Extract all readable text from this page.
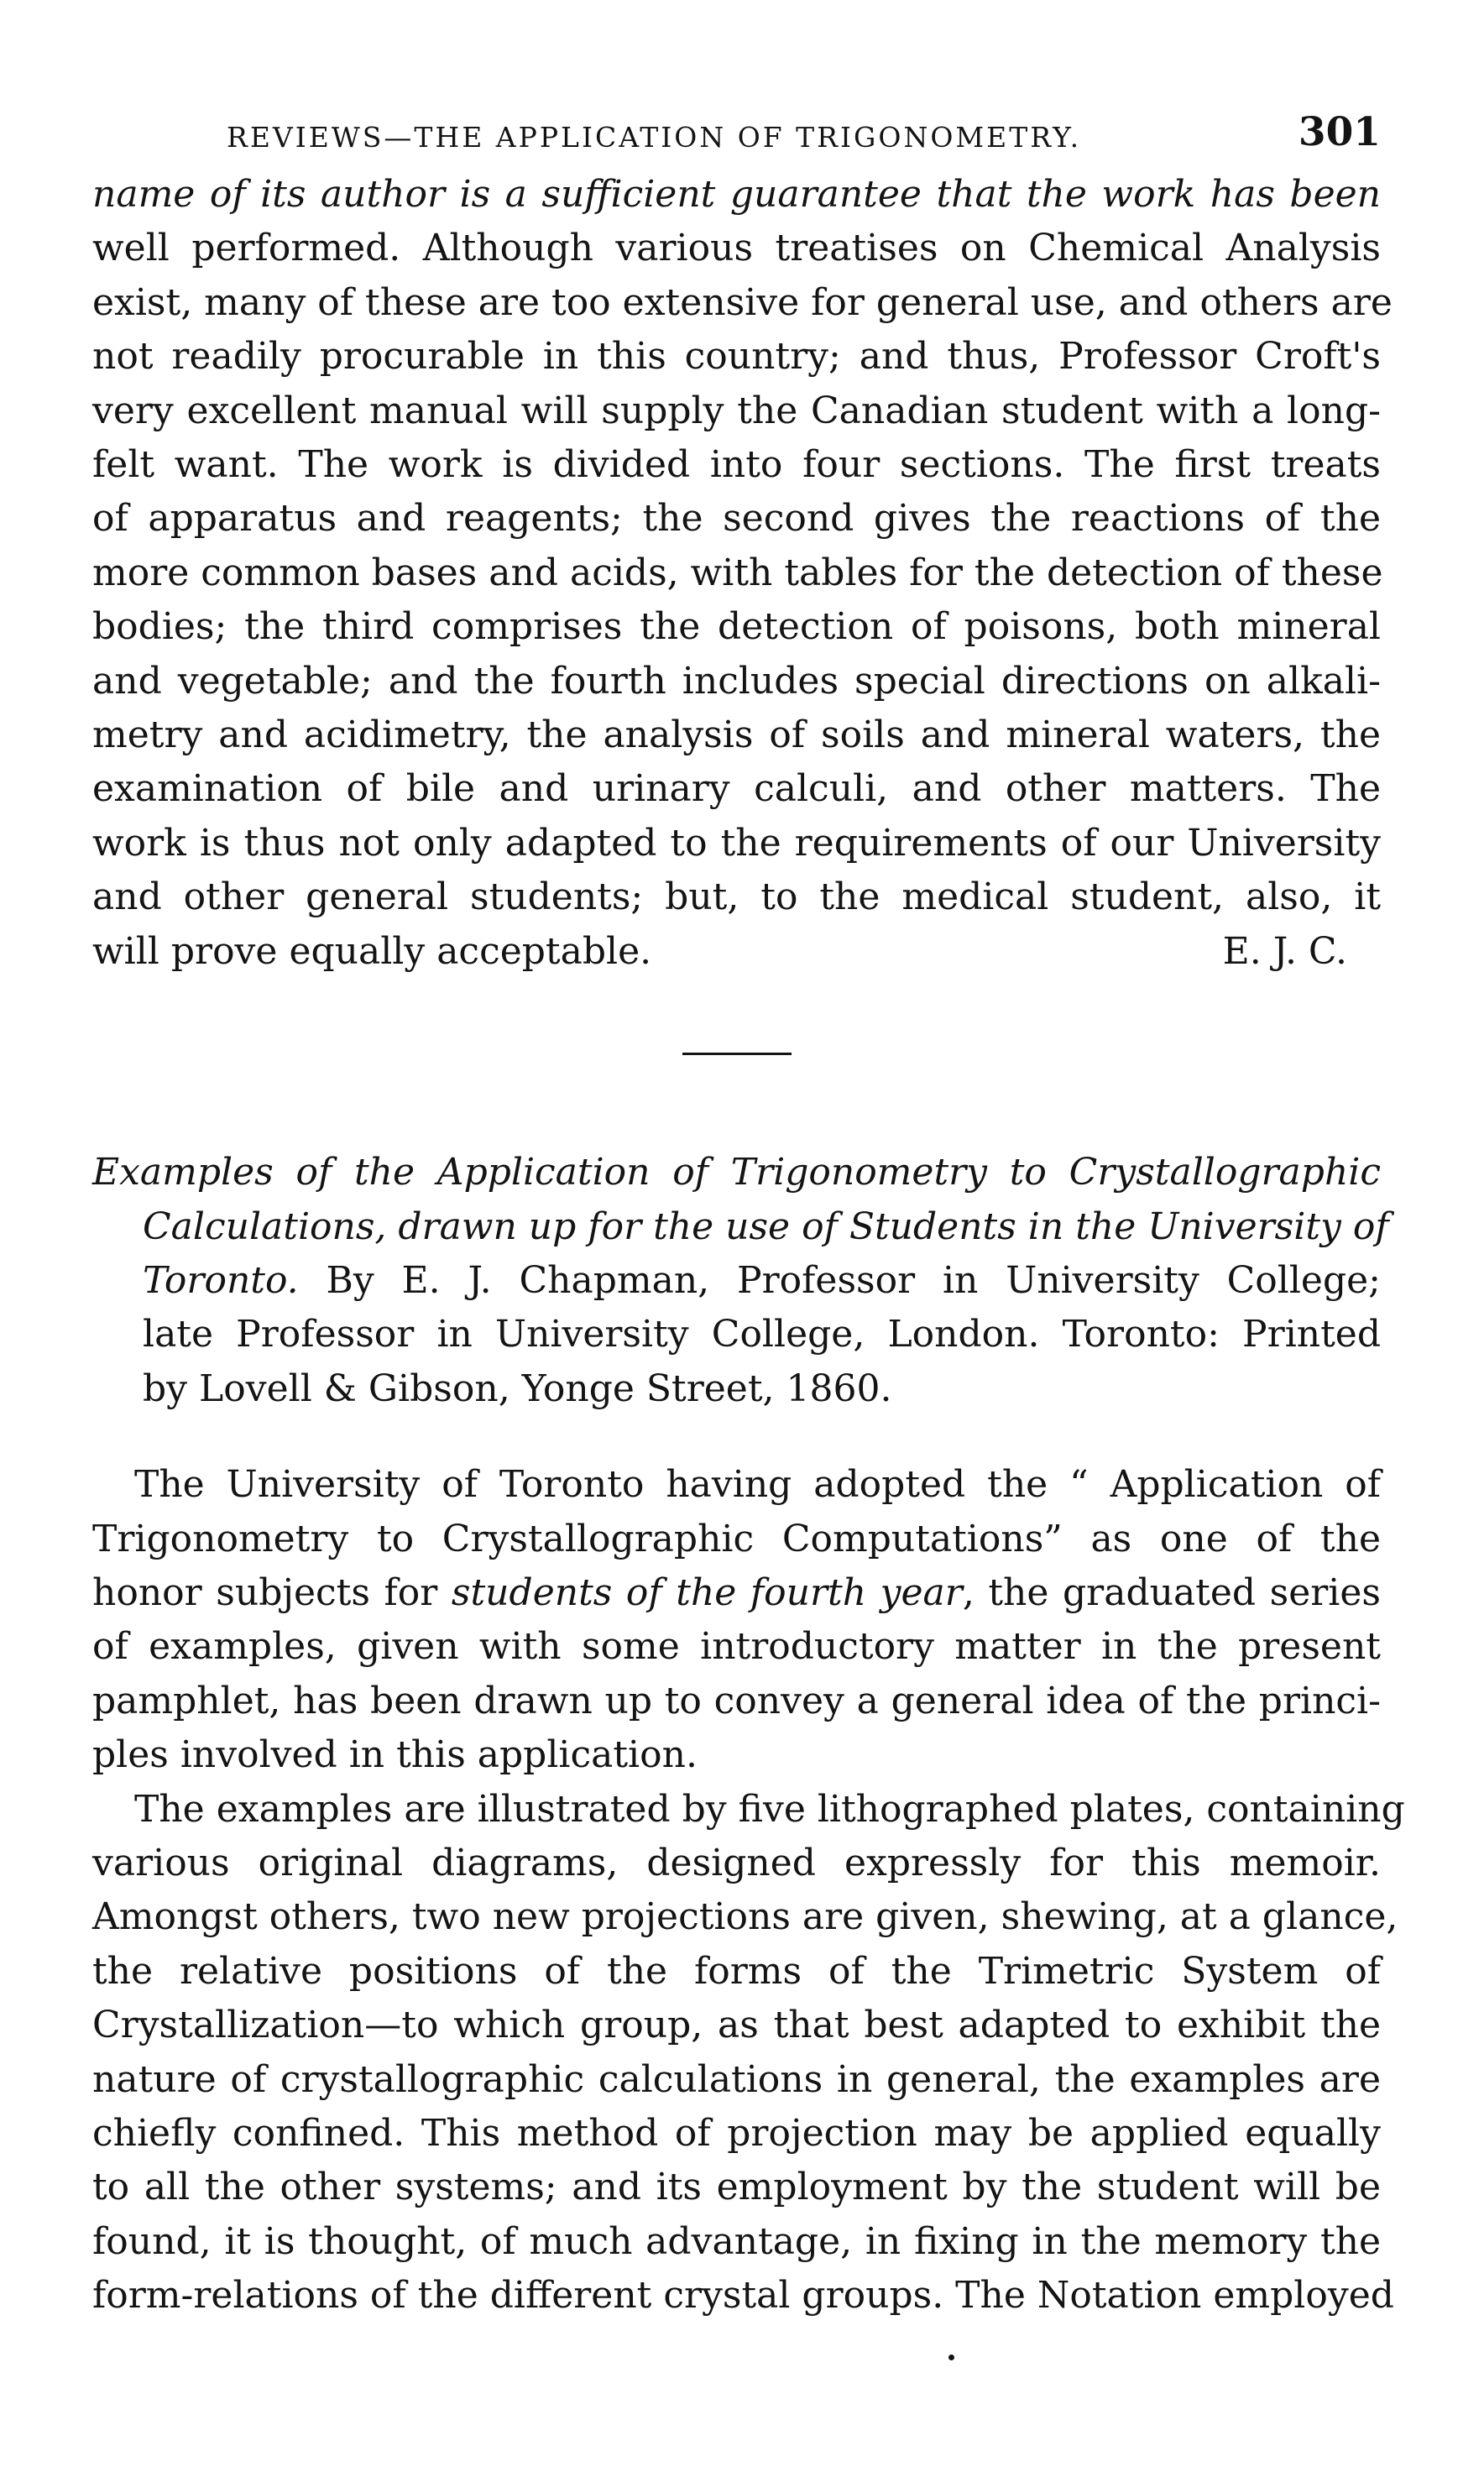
REVIEWS—THE APPLICATION OF TRIGONOMETRY.	301
name of its author is a sufficient guarantee that the work has been
well performed. Although various treatises on Chemical Analysis
exist, many of these are too extensive for general use, and others are
not readily procurable in this country; and thus, Professor Croft's
very excellent manual will supply the Canadian student with a long-
felt want. The work is divided into four sections. The first treats
of apparatus and reagents; the second gives the reactions of the
more common bases and acids, with tables for the detection of these
bodies; the third comprises the detection of poisons, both mineral
and vegetable; and the fourth includes special directions on alkali-
metry and acidimetry, the analysis of soils and mineral waters, the
examination of bile and urinary calculi, and other matters. The
work is thus not only adapted to the requirements of our University
and other general students; but, to the medical student, also, it
will prove equally acceptable.	E. J. C.
Examples of the Application of Trigonometry to Crystallographic
Calculations, drawn up for the use of Students in the University of
Toronto. By E. J. Chapman, Professor in University College;
late Professor in University College, London. Toronto: Printed
by Lovell & Gibson, Yonge Street, 1860.
The University of Toronto having adopted the “ Application of
Trigonometry to Crystallographic Computations” as one of the
honor subjects for students of the fourth year, the graduated series
of examples, given with some introductory matter in the present
pamphlet, has been drawn up to convey a general idea of the princi-
ples involved in this application.
The examples are illustrated by five lithographed plates, containing
various original diagrams, designed expressly for this memoir.
Amongst others, two new projections are given, shewing, at a glance,
the relative positions of the forms of the Trimetric System of
Crystallization—to which group, as that best adapted to exhibit the
nature of crystallographic calculations in general, the examples are
chiefly confined. This method of projection may be applied equally
to all the other systems; and its employment by the student will be
found, it is thought, of much advantage, in fixing in the memory the
form-relations of the different crystal groups. The Notation employed
